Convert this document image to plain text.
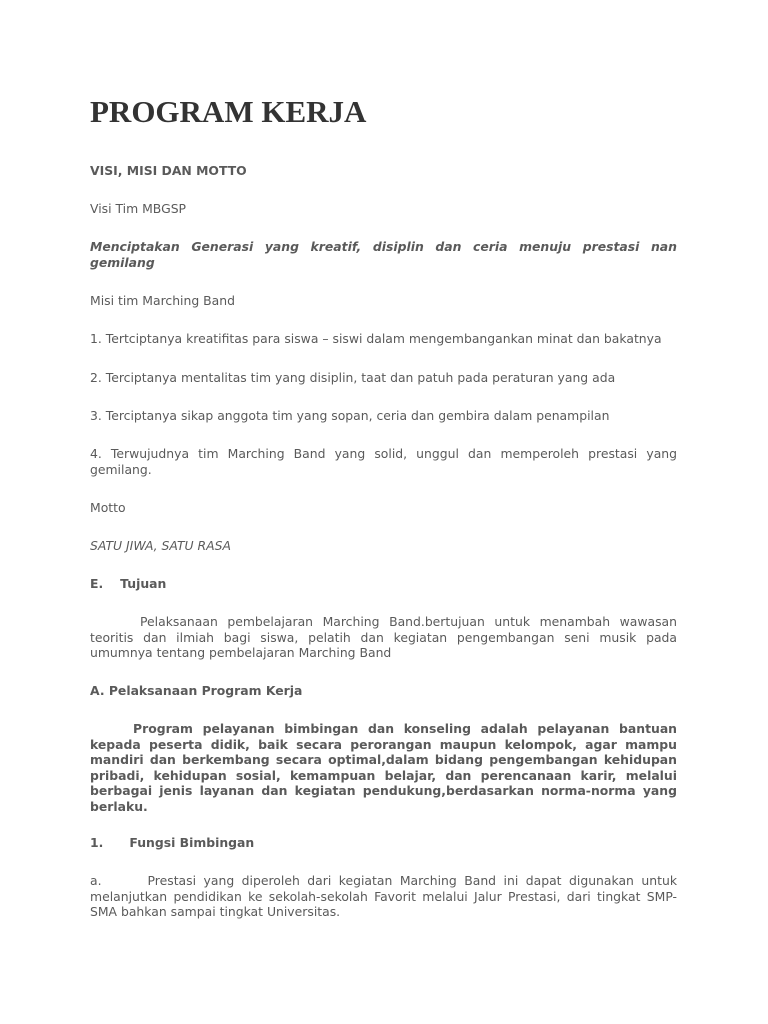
PROGRAM KERJA

VISI, MISI DAN MOTTO

Visi Tim MBGSP

Menciptakan Generasi yang kreatif, disiplin dan ceria menuju prestasi nan gemilang

Misi tim Marching Band

1. Tertciptanya kreatifitas para siswa – siswi dalam mengembangankan minat dan bakatnya

2. Terciptanya mentalitas tim yang disiplin, taat dan patuh pada peraturan yang ada

3. Terciptanya sikap anggota tim yang sopan, ceria dan gembira dalam penampilan

4. Terwujudnya tim Marching Band yang solid, unggul dan memperoleh prestasi yang gemilang.

Motto

SATU JIWA, SATU RASA

E. Tujuan

Pelaksanaan pembelajaran Marching Band.bertujuan untuk menambah wawasan teoritis dan ilmiah bagi siswa, pelatih dan kegiatan pengembangan seni musik pada umumnya tentang pembelajaran Marching Band

A. Pelaksanaan Program Kerja

Program pelayanan bimbingan dan konseling adalah pelayanan bantuan kepada peserta didik, baik secara perorangan maupun kelompok, agar mampu mandiri dan berkembang secara optimal,dalam bidang pengembangan kehidupan pribadi, kehidupan sosial, kemampuan belajar, dan perencanaan karir, melalui berbagai jenis layanan dan kegiatan pendukung,berdasarkan norma-norma yang berlaku.

1. Fungsi Bimbingan

a.	Prestasi yang diperoleh dari kegiatan Marching Band ini dapat digunakan untuk melanjutkan pendidikan ke sekolah-sekolah Favorit melalui Jalur Prestasi, dari tingkat SMP-SMA bahkan sampai tingkat Universitas.
